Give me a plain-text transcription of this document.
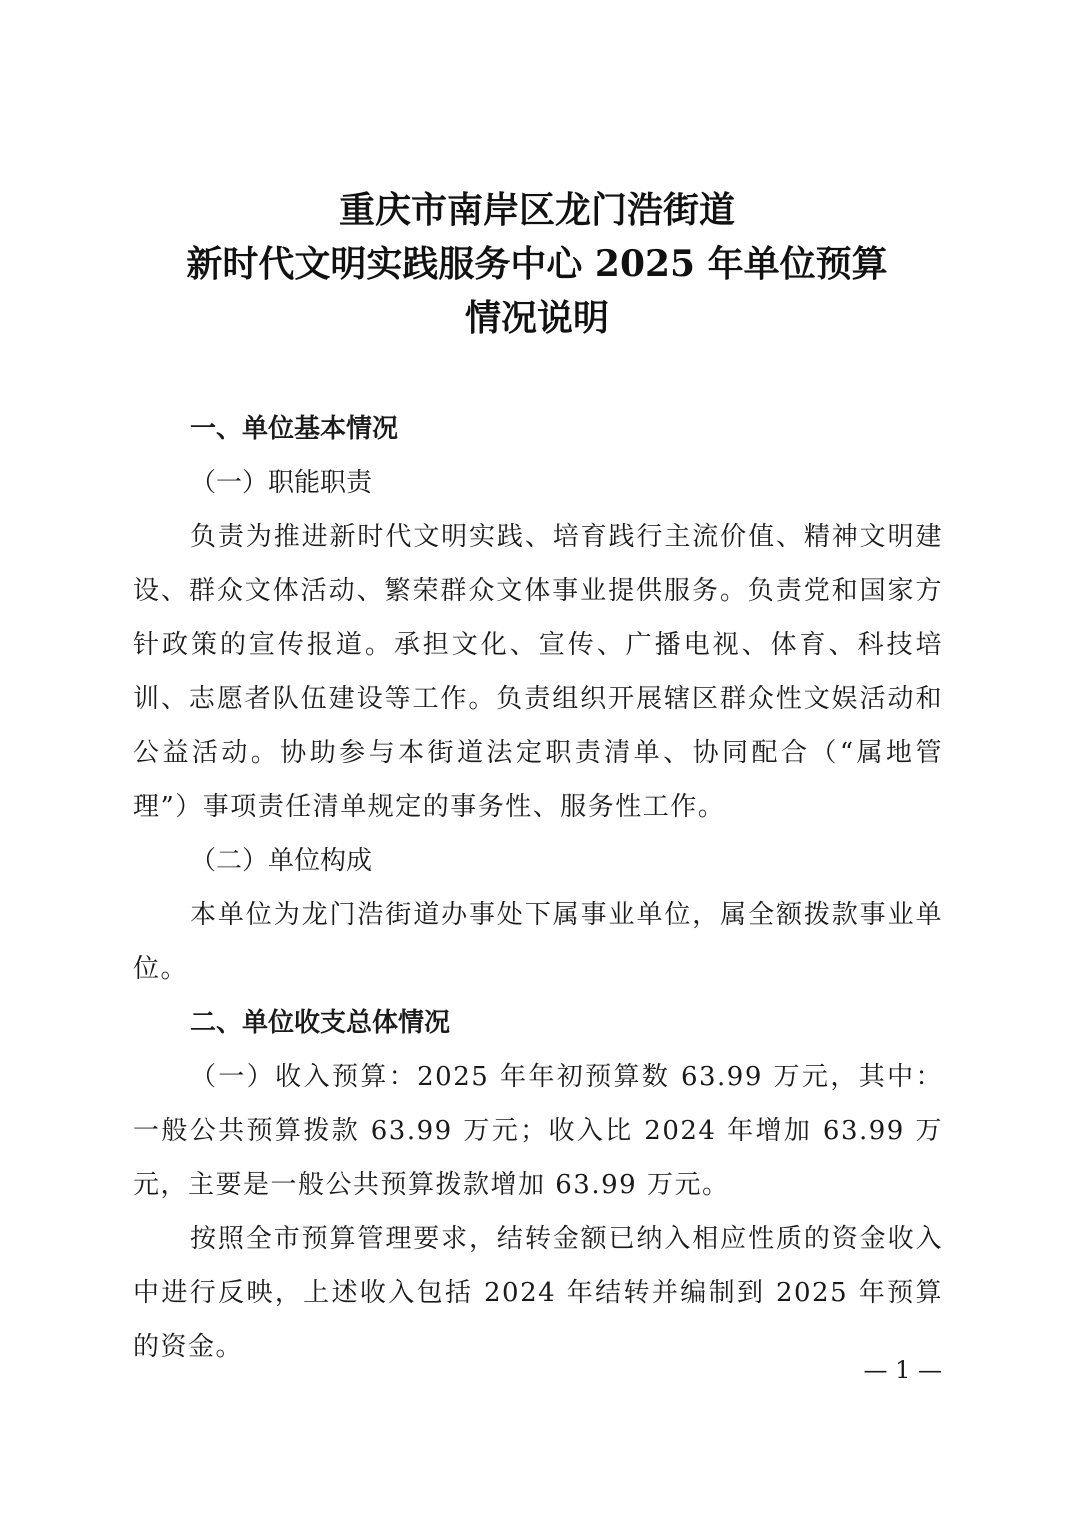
重庆市南岸区龙门浩街道
新时代文明实践服务中心 2025 年单位预算
情况说明

一、单位基本情况

（一）职能职责

负责为推进新时代文明实践、培育践行主流价值、精神文明建设、群众文体活动、繁荣群众文体事业提供服务。负责党和国家方针政策的宣传报道。承担文化、宣传、广播电视、体育、科技培训、志愿者队伍建设等工作。负责组织开展辖区群众性文娱活动和公益活动。协助参与本街道法定职责清单、协同配合（“属地管理”）事项责任清单规定的事务性、服务性工作。

（二）单位构成

本单位为龙门浩街道办事处下属事业单位，属全额拨款事业单位。

二、单位收支总体情况

（一）收入预算：2025 年年初预算数 63.99 万元，其中：一般公共预算拨款 63.99 万元；收入比 2024 年增加 63.99 万元，主要是一般公共预算拨款增加 63.99 万元。

按照全市预算管理要求，结转金额已纳入相应性质的资金收入中进行反映，上述收入包括 2024 年结转并编制到 2025 年预算的资金。

— 1 —
